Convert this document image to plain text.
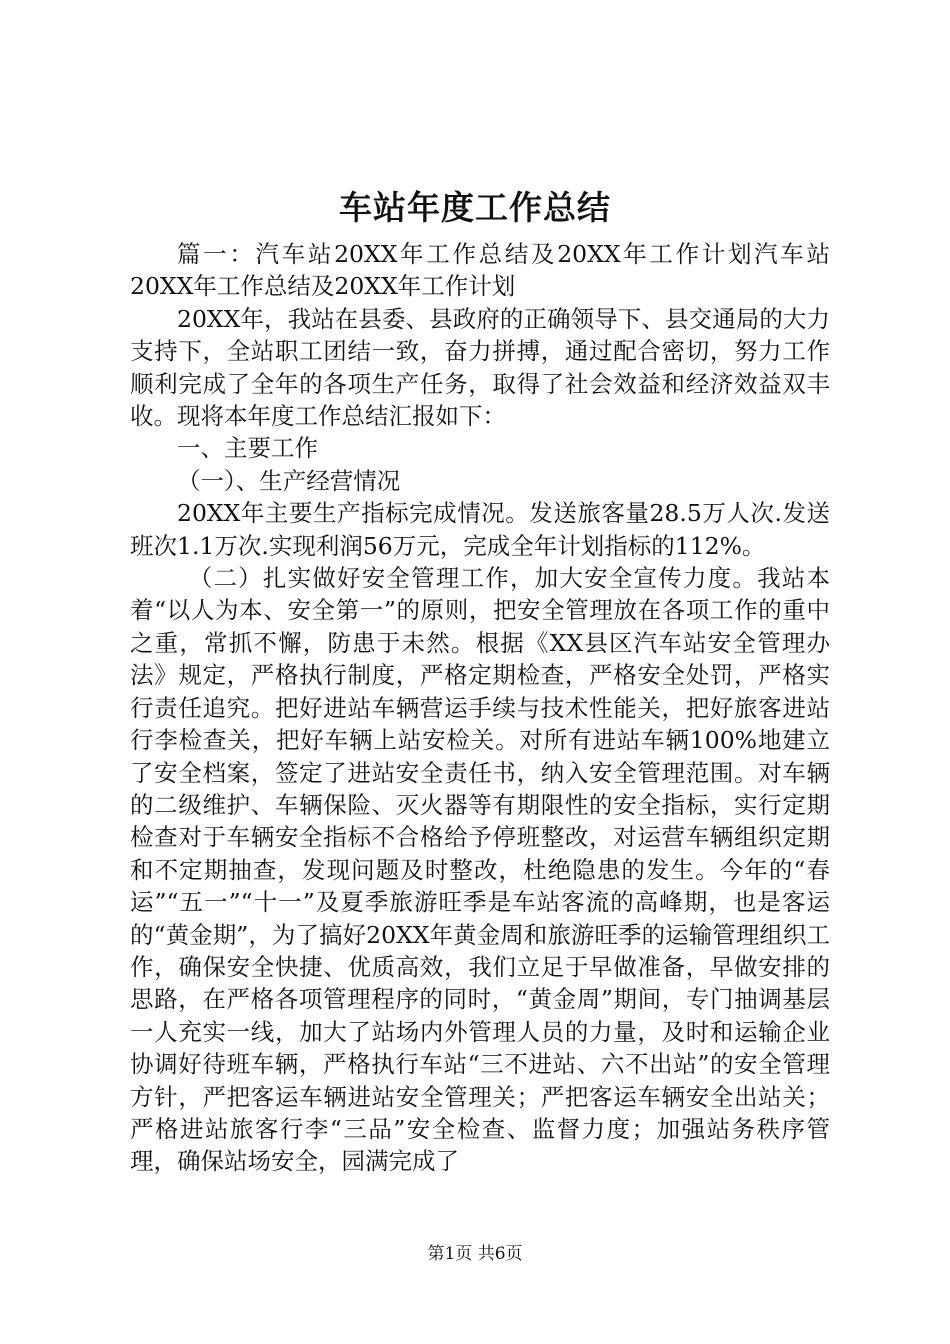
车站年度工作总结

篇一：汽车站20XX年工作总结及20XX年工作计划汽车站20XX年工作总结及20XX年工作计划

20XX年，我站在县委、县政府的正确领导下、县交通局的大力支持下，全站职工团结一致，奋力拼搏，通过配合密切，努力工作顺利完成了全年的各项生产任务，取得了社会效益和经济效益双丰收。现将本年度工作总结汇报如下：

一、主要工作

（一）、生产经营情况

20XX年主要生产指标完成情况。发送旅客量28.5万人次.发送班次1.1万次.实现利润56万元，完成全年计划指标的112%。

（二）扎实做好安全管理工作，加大安全宣传力度。我站本着“以人为本、安全第一”的原则，把安全管理放在各项工作的重中之重，常抓不懈，防患于未然。根据《XX县区汽车站安全管理办法》规定，严格执行制度，严格定期检查，严格安全处罚，严格实行责任追究。把好进站车辆营运手续与技术性能关，把好旅客进站行李检查关，把好车辆上站安检关。对所有进站车辆100%地建立了安全档案，签定了进站安全责任书，纳入安全管理范围。对车辆的二级维护、车辆保险、灭火器等有期限性的安全指标，实行定期检查对于车辆安全指标不合格给予停班整改，对运营车辆组织定期和不定期抽查，发现问题及时整改，杜绝隐患的发生。今年的“春运”“五一”“十一”及夏季旅游旺季是车站客流的高峰期，也是客运的“黄金期”，为了搞好20XX年黄金周和旅游旺季的运输管理组织工作，确保安全快捷、优质高效，我们立足于早做准备，早做安排的思路，在严格各项管理程序的同时，“黄金周”期间，专门抽调基层一人充实一线，加大了站场内外管理人员的力量，及时和运输企业协调好待班车辆，严格执行车站“三不进站、六不出站”的安全管理方针，严把客运车辆进站安全管理关；严把客运车辆安全出站关；严格进站旅客行李“三品”安全检查、监督力度；加强站务秩序管理，确保站场安全，园满完成了

第1页 共6页
